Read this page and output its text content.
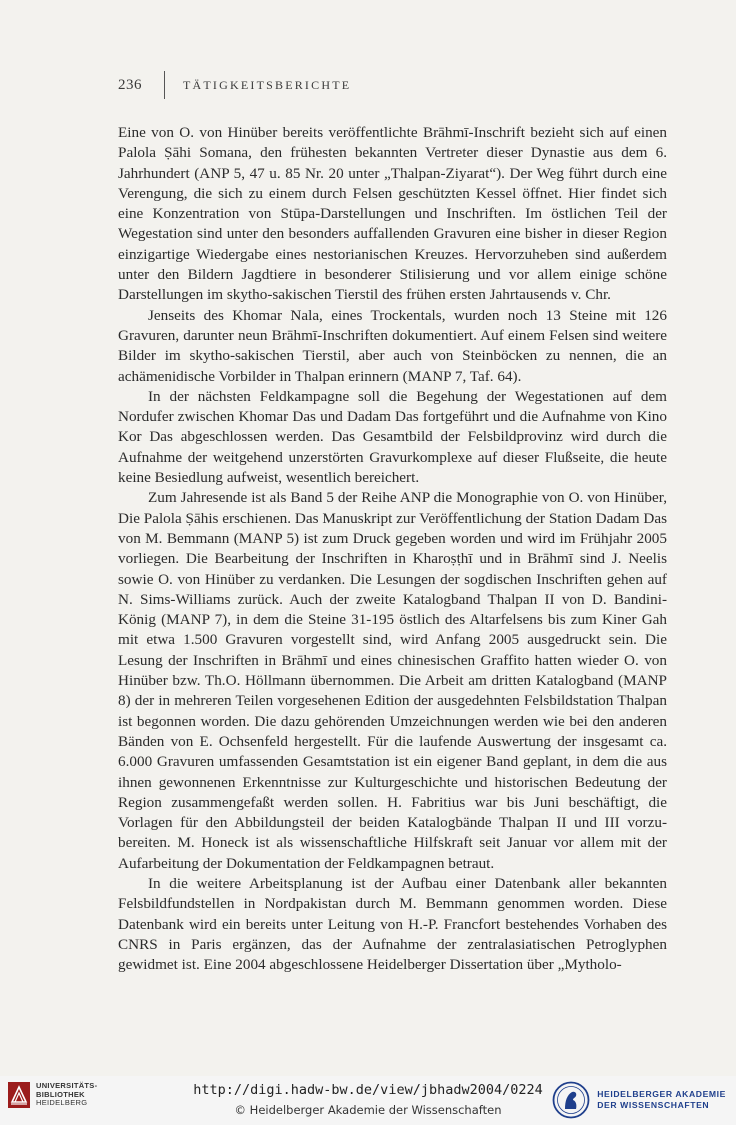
236	TÄTIGKEITSBERICHTE

Eine von O. von Hinüber bereits veröffentlichte Brāhmī-Inschrift bezieht sich auf einen Palola Ṣāhi Somana, den frühesten bekannten Vertreter dieser Dynastie aus dem 6. Jahrhundert (ANP 5, 47 u. 85 Nr. 20 unter „Thalpan-Ziyarat“). Der Weg führt durch eine Verengung, die sich zu einem durch Felsen geschützten Kessel öffnet. Hier findet sich eine Konzentration von Stūpa-Darstellungen und Inschriften. Im östlichen Teil der Wegestation sind unter den besonders auffallenden Gravuren eine bisher in dieser Region einzigartige Wiedergabe eines nestorianischen Kreuzes. Hervorzuheben sind außerdem unter den Bildern Jagdtiere in besonderer Stilisierung und vor allem einige schöne Darstellungen im skytho-sakischen Tierstil des frühen ersten Jahrtausends v. Chr.

Jenseits des Khomar Nala, eines Trockentals, wurden noch 13 Steine mit 126 Gravuren, darunter neun Brāhmī-Inschriften dokumentiert. Auf einem Felsen sind weitere Bilder im skytho-sakischen Tierstil, aber auch von Steinböcken zu nennen, die an achämenidische Vorbilder in Thalpan erinnern (MANP 7, Taf. 64).

In der nächsten Feldkampagne soll die Begehung der Wegestationen auf dem Nordufer zwischen Khomar Das und Dadam Das fortgeführt und die Aufnahme von Kino Kor Das abgeschlossen werden. Das Gesamtbild der Felsbildprovinz wird durch die Aufnahme der weitgehend unzerstörten Gravurkomplexe auf dieser Flußseite, die heute keine Besiedlung aufweist, wesentlich bereichert.

Zum Jahresende ist als Band 5 der Reihe ANP die Monographie von O. von Hinüber, Die Palola Ṣāhis erschienen. Das Manuskript zur Veröffentlichung der Station Dadam Das von M. Bemmann (MANP 5) ist zum Druck gegeben worden und wird im Frühjahr 2005 vorliegen. Die Bearbeitung der Inschriften in Kharoṣṭhī und in Brāhmī sind J. Neelis sowie O. von Hinüber zu verdanken. Die Lesungen der sogdischen Inschriften gehen auf N. Sims-Williams zurück. Auch der zweite Katalogband Thalpan II von D. Bandini-König (MANP 7), in dem die Steine 31-195 östlich des Altarfelsens bis zum Kiner Gah mit etwa 1.500 Gravuren vorgestellt sind, wird Anfang 2005 ausgedruckt sein. Die Lesung der Inschriften in Brāhmī und eines chinesischen Graffito hatten wieder O. von Hinüber bzw. Th.O. Höllmann übernommen. Die Arbeit am dritten Katalogband (MANP 8) der in mehreren Teilen vorgesehenen Edition der ausgedehnten Felsbildstation Thalpan ist begonnen worden. Die dazu gehörenden Umzeichnungen werden wie bei den anderen Bänden von E. Ochsenfeld hergestellt. Für die laufende Auswertung der insgesamt ca. 6.000 Gravuren umfassenden Gesamtstation ist ein eigener Band geplant, in dem die aus ihnen gewonnenen Erkenntnisse zur Kulturgeschichte und historischen Bedeutung der Region zusammengefaßt werden sollen. H. Fabritius war bis Juni beschäftigt, die Vorlagen für den Abbildungsteil der beiden Katalogbände Thalpan II und III vorzubereiten. M. Honeck ist als wissenschaftliche Hilfskraft seit Januar vor allem mit der Aufarbeitung der Dokumentation der Feldkampagnen betraut.

In die weitere Arbeitsplanung ist der Aufbau einer Datenbank aller bekannten Felsbildfundstellen in Nordpakistan durch M. Bemmann genommen worden. Diese Datenbank wird ein bereits unter Leitung von H.-P. Francfort bestehendes Vorhaben des CNRS in Paris ergänzen, das der Aufnahme der zentralasiatischen Petroglyphen gewidmet ist. Eine 2004 abgeschlossene Heidelberger Dissertation über „Mytholo-

UNIVERSITÄTS-
BIBLIOTHEK
HEIDELBERG
http://digi.hadw-bw.de/view/jbhadw2004/0224
© Heidelberger Akademie der Wissenschaften
HEIDELBERGER AKADEMIE
DER WISSENSCHAFTEN
